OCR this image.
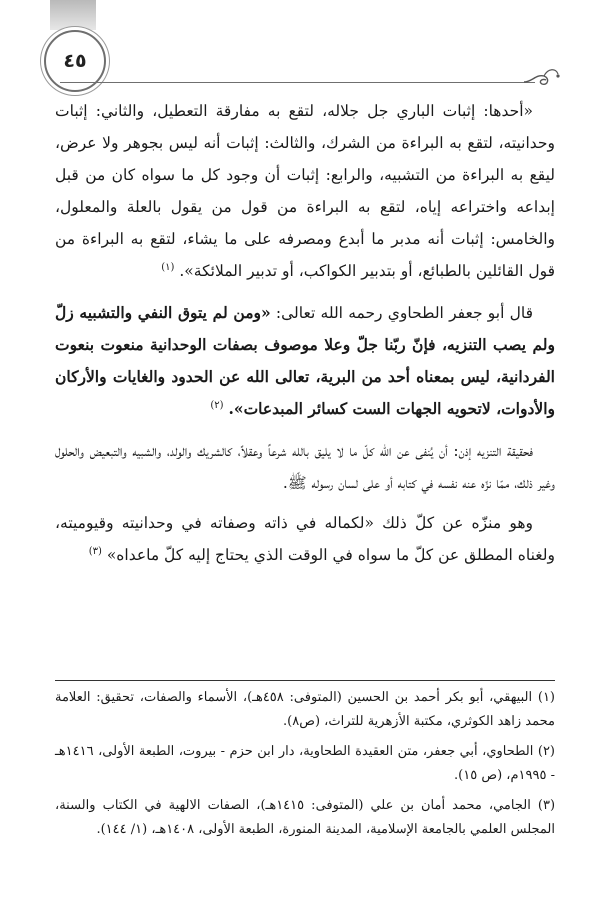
٤٥

«أحدها: إثبات الباري جل جلاله، لتقع به مفارقة التعطيل، والثاني: إثبات وحدانيته، لتقع به البراءة من الشرك، والثالث: إثبات أنه ليس بجوهر ولا عرض، ليقع به البراءة من التشبيه، والرابع: إثبات أن وجود كل ما سواه كان من قبل إبداعه واختراعه إياه، لتقع به البراءة من قول من يقول بالعلة والمعلول، والخامس: إثبات أنه مدبر ما أبدع ومصرفه على ما يشاء، لتقع به البراءة من قول القائلين بالطبائع، أو بتدبير الكواكب، أو تدبير الملائكة». $^{(١)}$

قال أبو جعفر الطحاوي رحمه الله تعالى: «ومن لم يتوق النفي والتشبيه زلّ ولم يصب التنزيه، فإنّ ربّنا جلّ وعلا موصوف بصفات الوحدانية منعوت بنعوت الفردانية، ليس بمعناه أحد من البرية، تعالى الله عن الحدود والغايات والأركان والأدوات، لاتحويه الجهات الست كسائر المبدعات». $^{(٢)}$

فحقيقة التنزيه إذن: أن يُنفى عن الله كلّ ما لا يليق بالله شرعاً وعقلاً، كالشريك والولد، والشبيه والتبعيض والحلول وغير ذلك، ممّا نزّه عنه نفسه في كتابه أو على لسان رسوله ﷺ.

وهو منزّه عن كلّ ذلك «لكماله في ذاته وصفاته في وحدانيته وقيوميته، ولغناه المطلق عن كلّ ما سواه في الوقت الذي يحتاج إليه كلّ ماعداه» $^{(٣)}$

(١) البيهقي، أبو بكر أحمد بن الحسين (المتوفى: ٤٥٨هـ)، الأسماء والصفات، تحقيق: العلامة محمد زاهد الكوثري، مكتبة الأزهرية للتراث، (ص٨).

(٢) الطحاوي، أبي جعفر، متن العقيدة الطحاوية، دار ابن حزم - بيروت، الطبعة الأولى، ١٤١٦هـ - ١٩٩٥م، (ص ١٥).

(٣) الجامي، محمد أمان بن علي (المتوفى: ١٤١٥هـ)، الصفات الالهية في الكتاب والسنة، المجلس العلمي بالجامعة الإسلامية، المدينة المنورة، الطبعة الأولى، ١٤٠٨هـ، (١/ ١٤٤).
